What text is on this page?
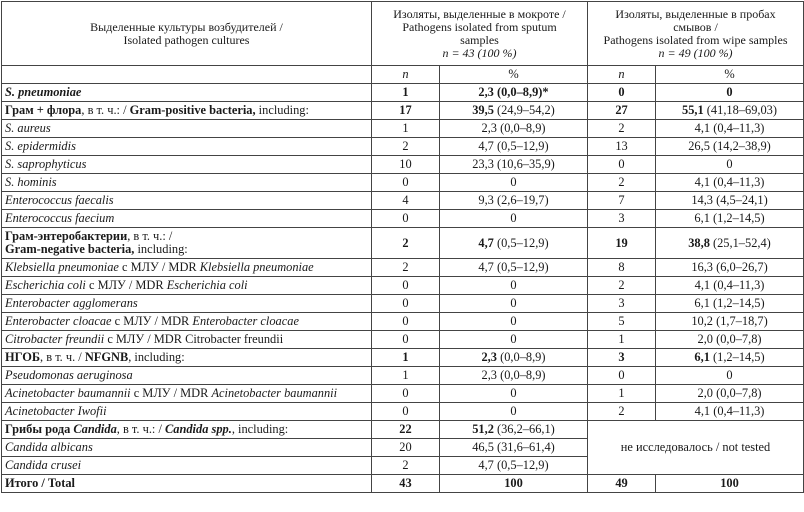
Выделенные культуры возбудителей /
Isolated pathogen cultures	Изоляты, выделенные в мокроте /
Pathogens isolated from sputum
samples
n = 43 (100 %)		Изоляты, выделенные в пробах
смывов /
Pathogens isolated from wipe samples
n = 49 (100 %)	
	n	%	n	%
S. pneumoniae	1	2,3 (0,0–8,9)*	0	0
Грам + флора, в т. ч.: / Gram-positive bacteria, including:	17	39,5 (24,9–54,2)	27	55,1 (41,18–69,03)
S. aureus	1	2,3 (0,0–8,9)	2	4,1 (0,4–11,3)
S. epidermidis	2	4,7 (0,5–12,9)	13	26,5 (14,2–38,9)
S. saprophyticus	10	23,3 (10,6–35,9)	0	0
S. hominis	0	0	2	4,1 (0,4–11,3)
Enterococcus faecalis	4	9,3 (2,6–19,7)	7	14,3 (4,5–24,1)
Enterococcus faecium	0	0	3	6,1 (1,2–14,5)
Грам-энтеробактерии, в т. ч.: /
Gram-negative bacteria, including:	2	4,7 (0,5–12,9)	19	38,8 (25,1–52,4)
Klebsiella pneumoniae с МЛУ / MDR Klebsiella pneumoniae	2	4,7 (0,5–12,9)	8	16,3 (6,0–26,7)
Escherichia coli с МЛУ / MDR Escherichia coli	0	0	2	4,1 (0,4–11,3)
Enterobacter agglomerans	0	0	3	6,1 (1,2–14,5)
Enterobacter cloacae с МЛУ / MDR Enterobacter cloacae	0	0	5	10,2 (1,7–18,7)
Citrobacter freundii с МЛУ / MDR Citrobacter freundii	0	0	1	2,0 (0,0–7,8)
НГОБ, в т. ч. / NFGNB, including:	1	2,3 (0,0–8,9)	3	6,1 (1,2–14,5)
Pseudomonas aeruginosa	1	2,3 (0,0–8,9)	0	0
Acinetobacter baumannii с МЛУ / MDR Acinetobacter baumannii	0	0	1	2,0 (0,0–7,8)
Acinetobacter Iwofii	0	0	2	4,1 (0,4–11,3)
Грибы рода Candida, в т. ч.: / Candida spp., including:	22	51,2 (36,2–66,1)	не исследовалось / not tested	
Candida albicans	20	46,5 (31,6–61,4)		
Candida crusei	2	4,7 (0,5–12,9)		
Итого / Total	43	100	49	100
